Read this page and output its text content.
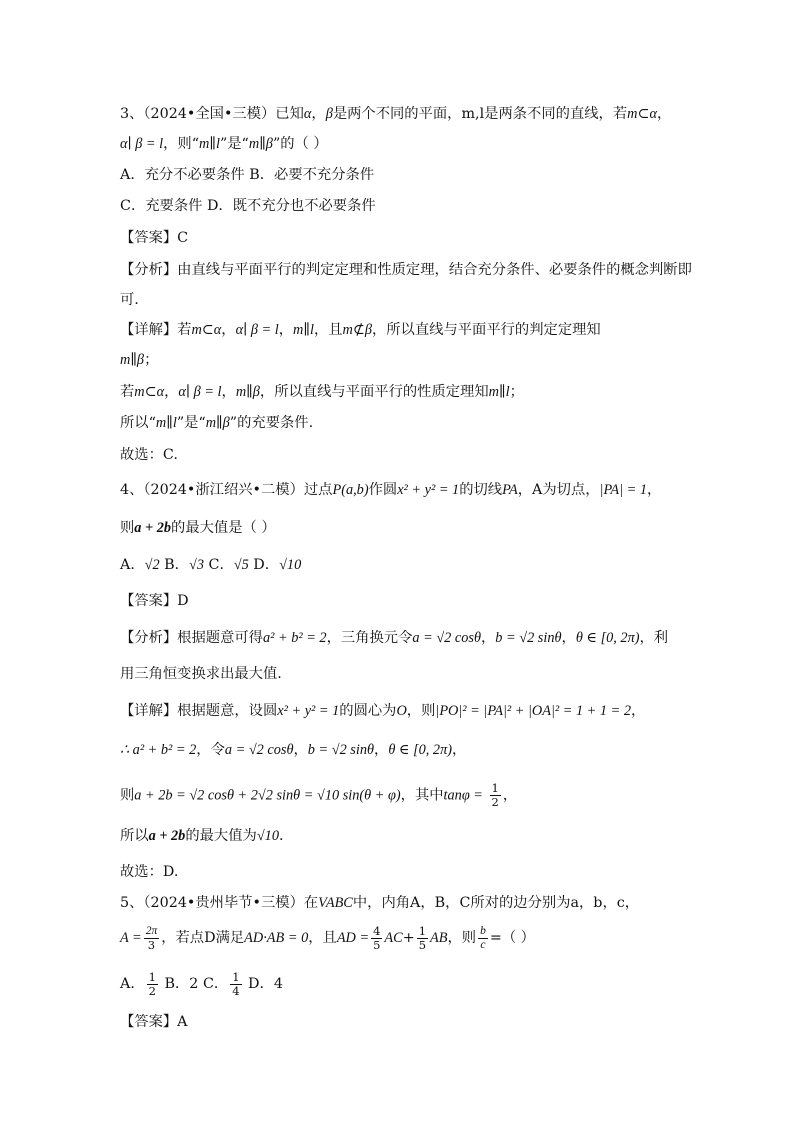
3、（2024•全国•三模）已知α，β是两个不同的平面，m,l是两条不同的直线，若m⊂α，
α∣ β = l，则“m∥l”是“m∥β”的（ ）
A．充分不必要条件 B．必要不充分条件
C．充要条件 D．既不充分也不必要条件
【答案】C
【分析】由直线与平面平行的判定定理和性质定理，结合充分条件、必要条件的概念判断即
可.
【详解】若m⊂α，α∣ β = l，m∥l，且m⊄β，所以直线与平面平行的判定定理知
m∥β；
若m⊂α，α∣ β = l，m∥β，所以直线与平面平行的性质定理知m∥l；
所以“m∥l”是“m∥β”的充要条件.
故选：C.
4、（2024•浙江绍兴•二模）过点P(a,b)作圆x² + y² = 1的切线PA，A为切点，|PA| = 1，
则a + 2b的最大值是（ ）
A．√2 B．√3 C．√5 D．√10
【答案】D
【分析】根据题意可得a² + b² = 2，三角换元令a = √2 cosθ，b = √2 sinθ，θ ∈ [0, 2π)，利
用三角恒变换求出最大值.
【详解】根据题意，设圆x² + y² = 1的圆心为O，则|PO|² = |PA|² + |OA|² = 1 + 1 = 2，
∴ a² + b² = 2，令a = √2 cosθ，b = √2 sinθ，θ ∈ [0, 2π)，
则a + 2b = √2 cosθ + 2√2 sinθ = √10 sin(θ + φ)，其中$\tan\varphi = \frac{1}{2}$ ，
所以a + 2b的最大值为√10.
故选：D.
5、（2024•贵州毕节•三模）在VABC中，内角A，B，C所对的边分别为a，b，c，
$A = \frac{2\pi}{3}$ ，若点D满足AD·AB = 0，且AD = $\frac{4}{5} AC+ \frac{1}{5}$ AB，则 $\frac{b}{c}$ =（ ）
A． $\frac{1}{2}$ B．2 C． $\frac{1}{4}$ D．4
【答案】A
